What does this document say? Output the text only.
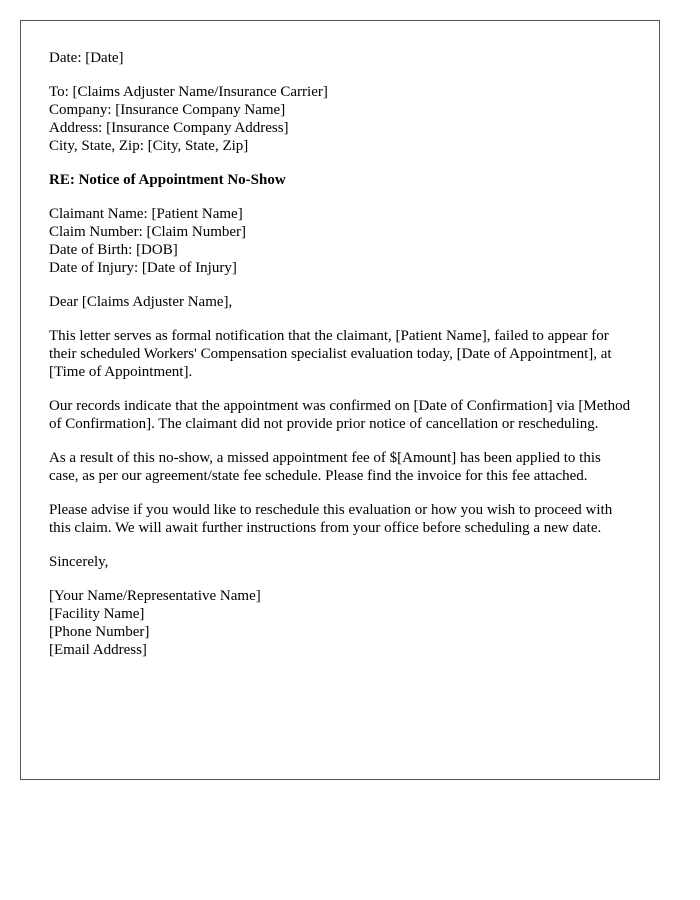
Date: [Date]
To: [Claims Adjuster Name/Insurance Carrier]
Company: [Insurance Company Name]
Address: [Insurance Company Address]
City, State, Zip: [City, State, Zip]
RE: Notice of Appointment No-Show
Claimant Name: [Patient Name]
Claim Number: [Claim Number]
Date of Birth: [DOB]
Date of Injury: [Date of Injury]
Dear [Claims Adjuster Name],

This letter serves as formal notification that the claimant, [Patient Name], failed to appear for their scheduled Workers' Compensation specialist evaluation today, [Date of Appointment], at [Time of Appointment].

Our records indicate that the appointment was confirmed on [Date of Confirmation] via [Method of Confirmation]. The claimant did not provide prior notice of cancellation or rescheduling.

As a result of this no-show, a missed appointment fee of $[Amount] has been applied to this case, as per our agreement/state fee schedule. Please find the invoice for this fee attached.

Please advise if you would like to reschedule this evaluation or how you wish to proceed with this claim. We will await further instructions from your office before scheduling a new date.

Sincerely,
[Your Name/Representative Name]
[Facility Name]
[Phone Number]
[Email Address]
